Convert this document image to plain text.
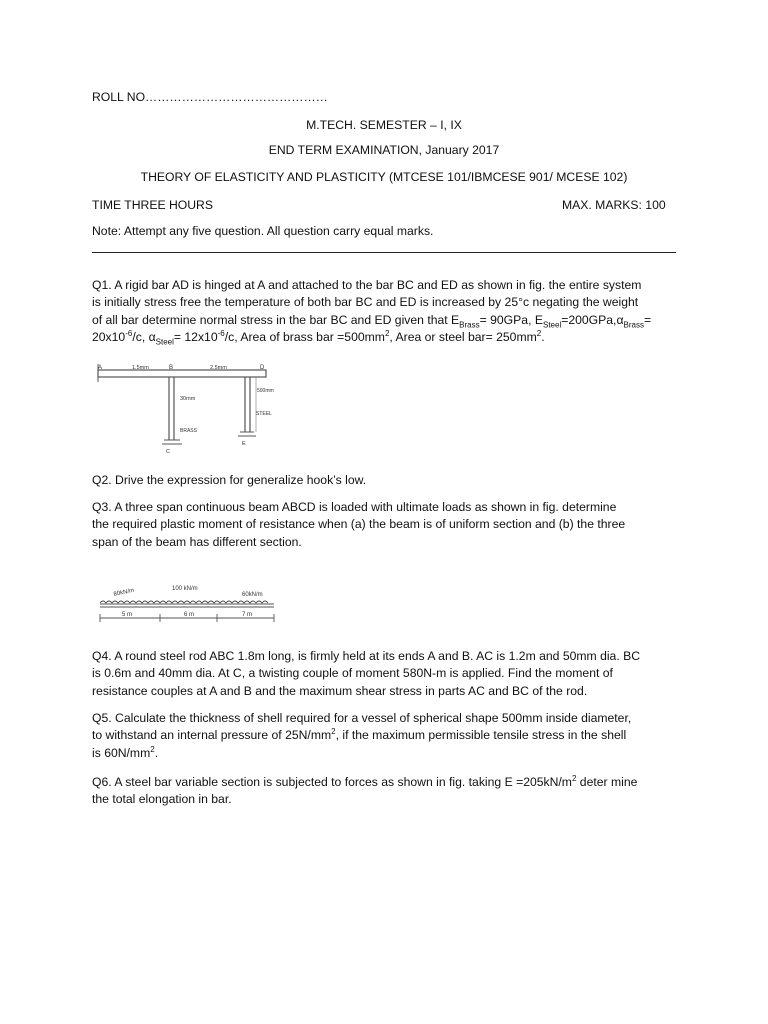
ROLL NO………………………………………
M.TECH. SEMESTER – I, IX
END TERM EXAMINATION, January 2017
THEORY OF ELASTICITY AND PLASTICITY (MTCESE 101/IBMCESE 901/ MCESE 102)
TIME THREE HOURS	MAX. MARKS: 100
Note: Attempt any five question. All question carry equal marks.
Q1. A rigid bar AD is hinged at A and attached to the bar BC and ED as shown in fig. the entire system
is initially stress free the temperature of both bar BC and ED is increased by 25°c negating the weight
of all bar determine normal stress in the bar BC and ED given that $E_{Brass}= 90GPa$, $E_{Steel}=200GPa,\alpha_{Brass}=$
$20x10^{-6}/c$, $\alpha_{Steel}= 12x10^{-6}/c$, Area of brass bar $=500mm^2$, Area or steel $bar= 250mm^2$.
A	B	D
1.5mm	2.5mm
30mm
500mm
BRASS
STEEL
C
E
Q2. Drive the expression for generalize hook’s low.
Q3. A three span continuous beam ABCD is loaded with ultimate loads as shown in fig. determine
the required plastic moment of resistance when (a) the beam is of uniform section and (b) the three
span of the beam has different section.
80kN/m	100 kN/m
60kN/m
5 m	6 m	7 m
Q4. A round steel rod ABC 1.8m long, is firmly held at its ends A and B. AC is 1.2m and 50mm dia. BC
is 0.6m and 40mm dia. At C, a twisting couple of moment 580N-m is applied. Find the moment of
resistance couples at A and B and the maximum shear stress in parts AC and BC of the rod.
Q5. Calculate the thickness of shell required for a vessel of spherical shape 500mm inside diameter,
to withstand an internal pressure of $25N/mm^2$, if the maximum permissible tensile stress in the shell
is $60N/mm^2$.
Q6. A steel bar variable section is subjected to forces as shown in fig. taking $E =205kN/m^2$ deter mine
the total elongation in bar.
